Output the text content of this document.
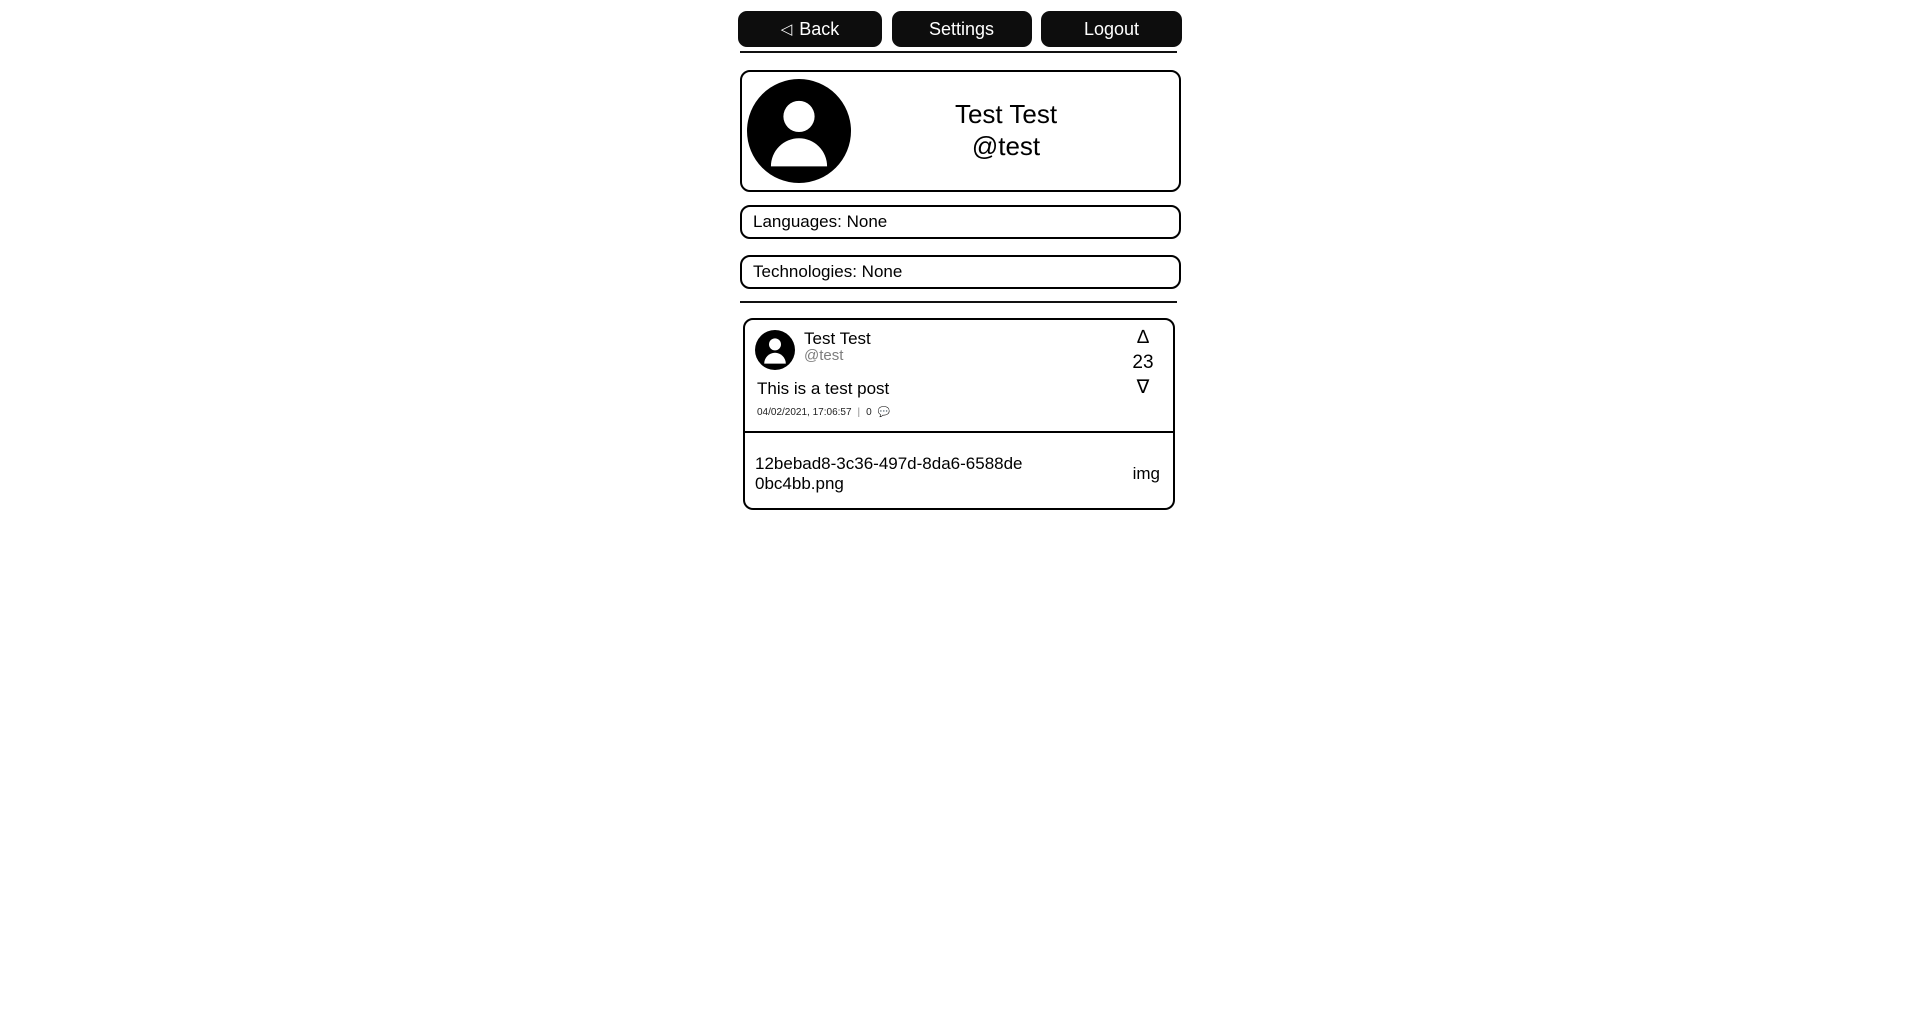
◁ Back	Settings	Logout
Test Test
@test
Languages: None
Technologies: None
Test Test
@test
This is a test post
04/02/2021, 17:06:57 | 0 💬
∆
23
∇
12bebad8-3c36-497d-8da6-6588de0bc4bb.png
img
